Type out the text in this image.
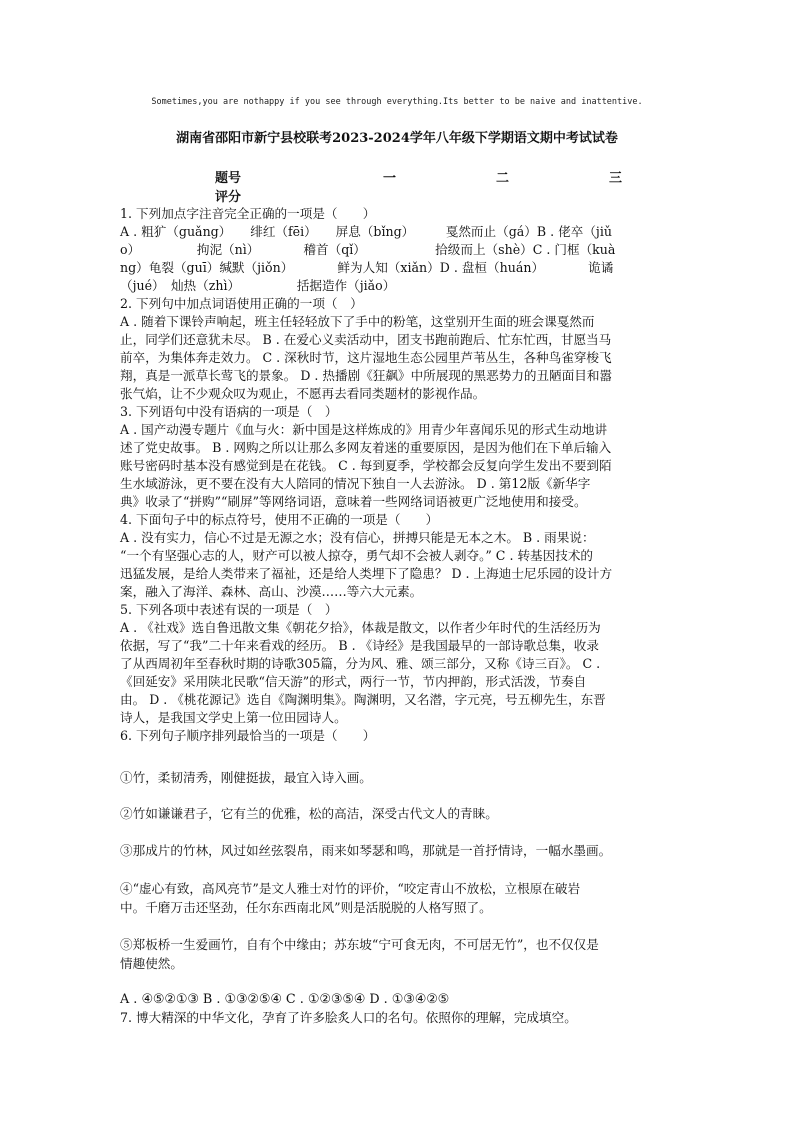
Sometimes,you are nothappy if you see through everything.Its better to be naive and inattentive.
湖南省邵阳市新宁县校联考2023-2024学年八年级下学期语文期中考试试卷
题号	一	二	三
评分
1. 下列加点字注音完全正确的一项是（　　）
A . 粗犷（guǎng）　　绯红（fēi）　　屏息（bǐng）　　　戛然而止（gá）B . 佬卒（jiǔ
o）　　　　　拘泥（nì）　　　　稽首（qǐ）　　　　　　拾级而上（shè）C . 门框（kuà
ng）龟裂（guī）缄默（jiǒn）　　　　鲜为人知（xiǎn）D . 盘桓（huán）　　　　诡谲
（jué）　灿热（zhì）　　　　　括据造作（jiǎo）
2. 下列句中加点词语使用正确的一项（　）
A . 随着下课铃声响起，班主任轻轻放下了手中的粉笔，这堂别开生面的班会课戛然而
止，同学们还意犹未尽。 B . 在爱心义卖活动中，团支书跑前跑后、忙东忙西，甘愿当马
前卒，为集体奔走效力。 C . 深秋时节，这片湿地生态公园里芦苇丛生，各种鸟雀穿梭飞
翔，真是一派草长莺飞的景象。 D . 热播剧《狂飙》中所展现的黑恶势力的丑陋面目和嚣
张气焰，让不少观众叹为观止，不愿再去看同类题材的影视作品。
3. 下列语句中没有语病的一项是（　）
A . 国产动漫专题片《血与火：新中国是这样炼成的》用青少年喜闻乐见的形式生动地讲
述了党史故事。 B . 网购之所以让那么多网友着迷的重要原因，是因为他们在下单后输入
账号密码时基本没有感觉到是在花钱。 C . 每到夏季，学校都会反复向学生发出不要到陌
生水域游泳，更不要在没有大人陪同的情况下独自一人去游泳。 D . 第12版《新华字
典》收录了“拼购”“刷屏”等网络词语，意味着一些网络词语被更广泛地使用和接受。
4. 下面句子中的标点符号，使用不正确的一项是（　　）
A . 没有实力，信心不过是无源之水；没有信心，拼搏只能是无本之木。 B . 雨果说：
“一个有坚强心志的人，财产可以被人掠夺，勇气却不会被人剥夺。” C . 转基因技术的
迅猛发展，是给人类带来了福祉，还是给人类埋下了隐患？ D . 上海迪士尼乐园的设计方
案，融入了海洋、森林、高山、沙漠……等六大元素。
5. 下列各项中表述有误的一项是（　）
A . 《社戏》选自鲁迅散文集《朝花夕拾》，体裁是散文，以作者少年时代的生活经历为
依据，写了“我”二十年来看戏的经历。 B . 《诗经》是我国最早的一部诗歌总集，收录
了从西周初年至春秋时期的诗歌305篇，分为风、雅、颂三部分，又称《诗三百》。 C .
《回延安》采用陕北民歌“信天游”的形式，两行一节，节内押韵，形式活泼，节奏自
由。 D . 《桃花源记》选自《陶渊明集》。陶渊明，又名潜，字元亮，号五柳先生，东晋
诗人，是我国文学史上第一位田园诗人。
6. 下列句子顺序排列最恰当的一项是（　　）
①竹，柔韧清秀，刚健挺拔，最宜入诗入画。
②竹如谦谦君子，它有兰的优雅，松的高洁，深受古代文人的青睐。
③那成片的竹林，风过如丝弦裂帛，雨来如琴瑟和鸣，那就是一首抒情诗，一幅水墨画。
④“虚心有致，高风亮节”是文人雅士对竹的评价，“咬定青山不放松，立根原在破岩
中。千磨万击还坚劲，任尔东西南北风”则是活脱脱的人格写照了。
⑤郑板桥一生爱画竹，自有个中缘由；苏东坡“宁可食无肉，不可居无竹”，也不仅仅是
情趣使然。
A . ④⑤②①③ B . ①③②⑤④ C . ①②③⑤④ D . ①③④②⑤
7. 博大精深的中华文化，孕育了许多脍炙人口的名句。依照你的理解，完成填空。
